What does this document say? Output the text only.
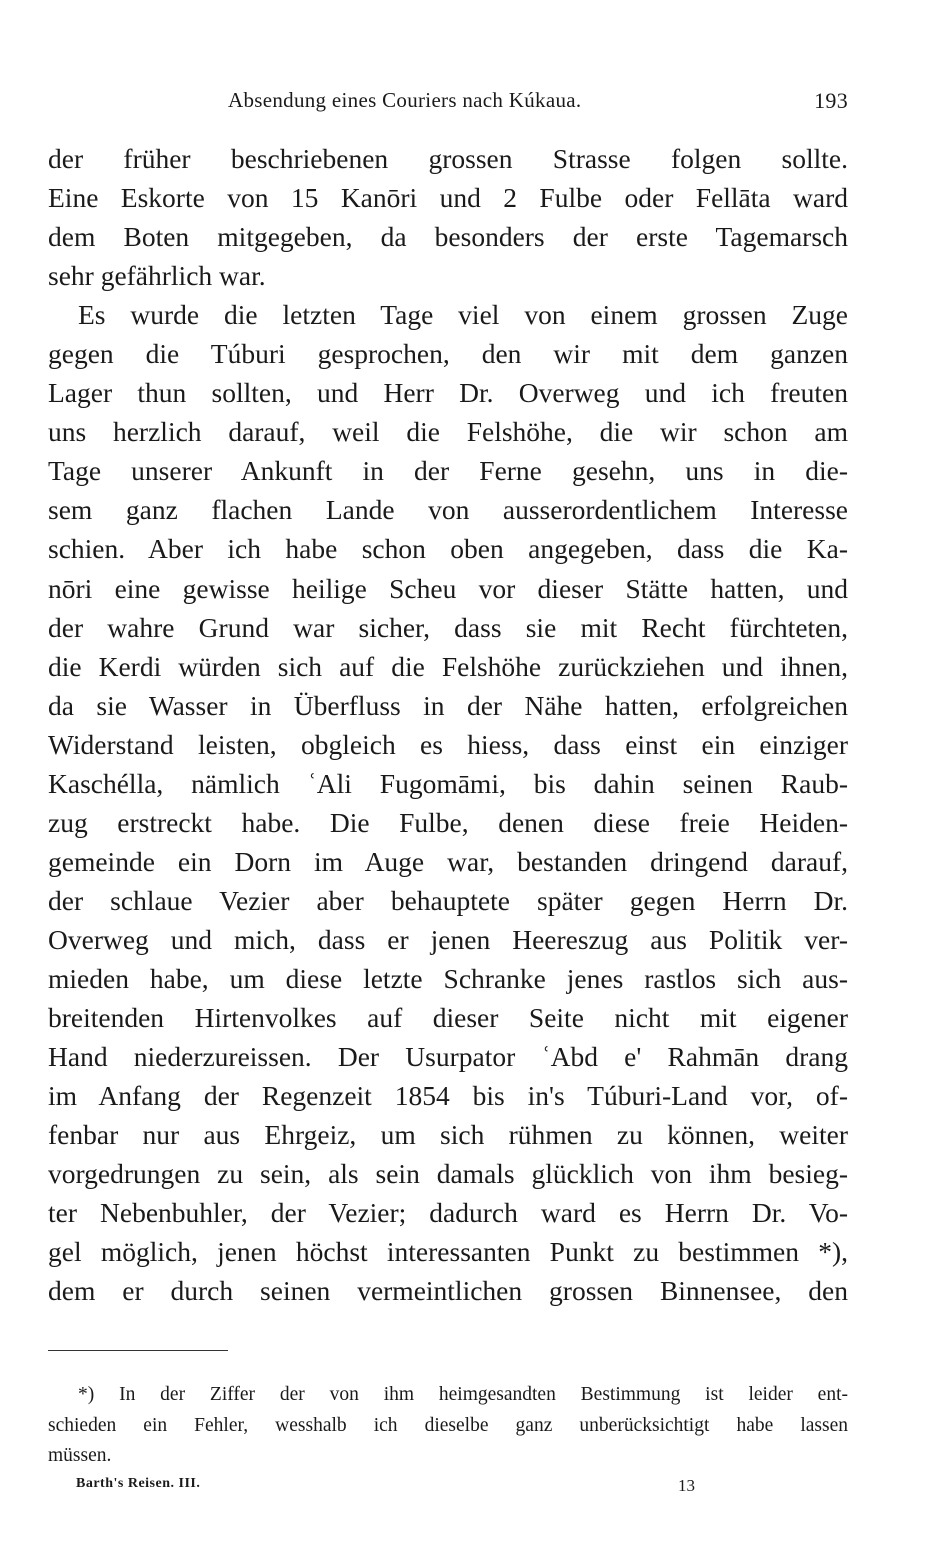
Absendung eines Couriers nach Kúkaua.	193
der früher beschriebenen grossen Strasse folgen sollte.
Eine Eskorte von 15 Kanōri und 2 Fulbe oder Fellāta ward
dem Boten mitgegeben, da besonders der erste Tagemarsch
sehr gefährlich war.
Es wurde die letzten Tage viel von einem grossen Zuge
gegen die Túburi gesprochen, den wir mit dem ganzen
Lager thun sollten, und Herr Dr. Overweg und ich freuten
uns herzlich darauf, weil die Felshöhe, die wir schon am
Tage unserer Ankunft in der Ferne gesehn, uns in die-
sem ganz flachen Lande von ausserordentlichem Interesse
schien. Aber ich habe schon oben angegeben, dass die Ka-
nōri eine gewisse heilige Scheu vor dieser Stätte hatten, und
der wahre Grund war sicher, dass sie mit Recht fürchteten,
die Kerdi würden sich auf die Felshöhe zurückziehen und ihnen,
da sie Wasser in Überfluss in der Nähe hatten, erfolgreichen
Widerstand leisten, obgleich es hiess, dass einst ein einziger
Kaschélla, nämlich ʿAli Fugomāmi, bis dahin seinen Raub-
zug erstreckt habe. Die Fulbe, denen diese freie Heiden-
gemeinde ein Dorn im Auge war, bestanden dringend darauf,
der schlaue Vezier aber behauptete später gegen Herrn Dr.
Overweg und mich, dass er jenen Heereszug aus Politik ver-
mieden habe, um diese letzte Schranke jenes rastlos sich aus-
breitenden Hirtenvolkes auf dieser Seite nicht mit eigener
Hand niederzureissen. Der Usurpator ʿAbd e' Rahmān drang
im Anfang der Regenzeit 1854 bis in's Túburi-Land vor, of-
fenbar nur aus Ehrgeiz, um sich rühmen zu können, weiter
vorgedrungen zu sein, als sein damals glücklich von ihm besieg-
ter Nebenbuhler, der Vezier; dadurch ward es Herrn Dr. Vo-
gel möglich, jenen höchst interessanten Punkt zu bestimmen *),
dem er durch seinen vermeintlichen grossen Binnensee, den
*) In der Ziffer der von ihm heimgesandten Bestimmung ist leider ent-
schieden ein Fehler, wesshalb ich dieselbe ganz unberücksichtigt habe lassen
müssen.
Barth's Reisen. III.	13
